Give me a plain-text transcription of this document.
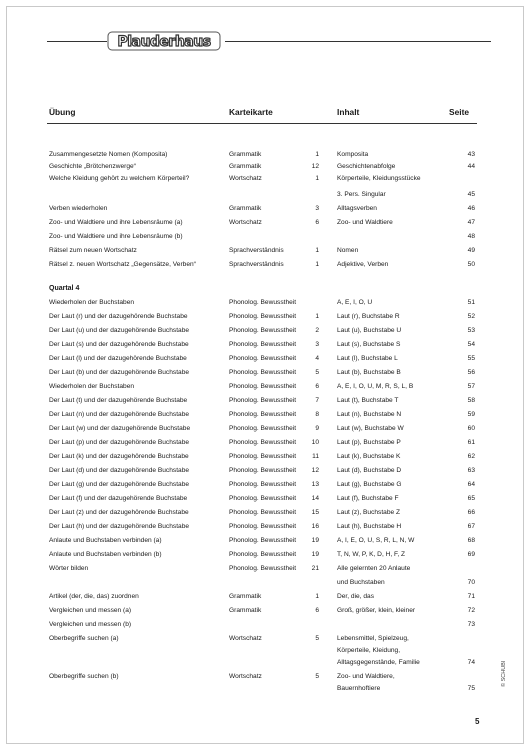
Plauderhaus
Übung	Karteikarte	Inhalt	Seite
Zusammengesetzte Nomen (Komposita)	Grammatik	1	Komposita	43
Geschichte „Brötchenzwerge“	Grammatik	12	Geschichtenabfolge	44
Welche Kleidung gehört zu welchem Körperteil?	Wortschatz	1	Körperteile, Kleidungsstücke
3. Pers. Singular	45
Verben wiederholen	Grammatik	3	Alltagsverben	46
Zoo- und Waldtiere und ihre Lebensräume (a)	Wortschatz	6	Zoo- und Waldtiere	47
Zoo- und Waldtiere und ihre Lebensräume (b)	48
Rätsel zum neuen Wortschatz	Sprachverständnis	1	Nomen	49
Rätsel z. neuen Wortschatz „Gegensätze, Verben“	Sprachverständnis	1	Adjektive, Verben	50
Quartal 4
Wiederholen der Buchstaben	Phonolog. Bewusstheit	A, E, I, O, U	51
Der Laut (r) und der dazugehörende Buchstabe	Phonolog. Bewusstheit	1	Laut (r), Buchstabe R	52
Der Laut (u) und der dazugehörende Buchstabe	Phonolog. Bewusstheit	2	Laut (u), Buchstabe U	53
Der Laut (s) und der dazugehörende Buchstabe	Phonolog. Bewusstheit	3	Laut (s), Buchstabe S	54
Der Laut (l) und der dazugehörende Buchstabe	Phonolog. Bewusstheit	4	Laut (l), Buchstabe L	55
Der Laut (b) und der dazugehörende Buchstabe	Phonolog. Bewusstheit	5	Laut (b), Buchstabe B	56
Wiederholen der Buchstaben	Phonolog. Bewusstheit	6	A, E, I, O, U, M, R, S, L, B	57
Der Laut (t) und der dazugehörende Buchstabe	Phonolog. Bewusstheit	7	Laut (t), Buchstabe T	58
Der Laut (n) und der dazugehörende Buchstabe	Phonolog. Bewusstheit	8	Laut (n), Buchstabe N	59
Der Laut (w) und der dazugehörende Buchstabe	Phonolog. Bewusstheit	9	Laut (w), Buchstabe W	60
Der Laut (p) und der dazugehörende Buchstabe	Phonolog. Bewusstheit	10	Laut (p), Buchstabe P	61
Der Laut (k) und der dazugehörende Buchstabe	Phonolog. Bewusstheit	11	Laut (k), Buchstabe K	62
Der Laut (d) und der dazugehörende Buchstabe	Phonolog. Bewusstheit	12	Laut (d), Buchstabe D	63
Der Laut (g) und der dazugehörende Buchstabe	Phonolog. Bewusstheit	13	Laut (g), Buchstabe G	64
Der Laut (f) und der dazugehörende Buchstabe	Phonolog. Bewusstheit	14	Laut (f), Buchstabe F	65
Der Laut (z) und der dazugehörende Buchstabe	Phonolog. Bewusstheit	15	Laut (z), Buchstabe Z	66
Der Laut (h) und der dazugehörende Buchstabe	Phonolog. Bewusstheit	16	Laut (h), Buchstabe H	67
Anlaute und Buchstaben verbinden (a)	Phonolog. Bewusstheit	19	A, I, E, O, U, S, R, L, N, W	68
Anlaute und Buchstaben verbinden (b)	Phonolog. Bewusstheit	19	T, N, W, P, K, D, H, F, Z	69
Wörter bilden	Phonolog. Bewusstheit	21	Alle gelernten 20 Anlaute
und Buchstaben	70
Artikel (der, die, das) zuordnen	Grammatik	1	Der, die, das	71
Vergleichen und messen (a)	Grammatik	6	Groß, größer, klein, kleiner	72
Vergleichen und messen (b)	73
Oberbegriffe suchen (a)	Wortschatz	5	Lebensmittel, Spielzeug,
Körperteile, Kleidung,
Alltagsgegenstände, Familie	74
Oberbegriffe suchen (b)	Wortschatz	5	Zoo- und Waldtiere,
Bauernhoftiere	75
© SCHUBI
5
